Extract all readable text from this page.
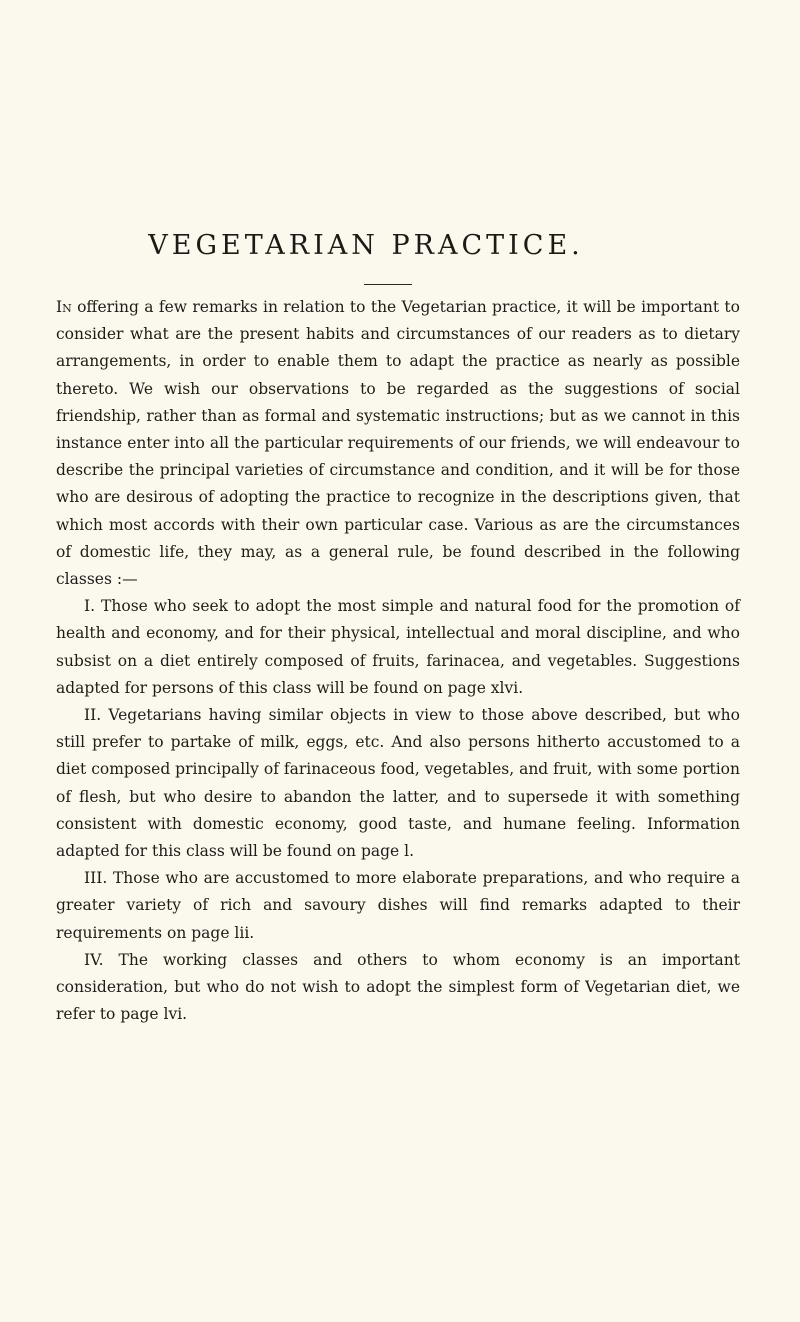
VEGETARIAN PRACTICE.

In offering a few remarks in relation to the Vegetarian practice, it will be important to consider what are the present habits and circumstances of our readers as to dietary arrangements, in order to enable them to adapt the practice as nearly as possible thereto. We wish our observations to be regarded as the suggestions of social friendship, rather than as formal and systematic instructions; but as we cannot in this instance enter into all the particular requirements of our friends, we will endeavour to describe the principal varieties of circumstance and condition, and it will be for those who are desirous of adopting the practice to recognize in the descriptions given, that which most accords with their own particular case. Various as are the circumstances of domestic life, they may, as a general rule, be found described in the following classes :—

I. Those who seek to adopt the most simple and natural food for the promotion of health and economy, and for their physical, intellectual and moral discipline, and who subsist on a diet entirely composed of fruits, farinacea, and vegetables. Suggestions adapted for persons of this class will be found on page xlvi.

II. Vegetarians having similar objects in view to those above described, but who still prefer to partake of milk, eggs, etc. And also persons hitherto accustomed to a diet composed principally of farinaceous food, vegetables, and fruit, with some portion of flesh, but who desire to abandon the latter, and to supersede it with something consistent with domestic economy, good taste, and humane feeling. Information adapted for this class will be found on page l.

III. Those who are accustomed to more elaborate preparations, and who require a greater variety of rich and savoury dishes will find remarks adapted to their requirements on page lii.

IV. The working classes and others to whom economy is an important consideration, but who do not wish to adopt the simplest form of Vegetarian diet, we refer to page lvi.
